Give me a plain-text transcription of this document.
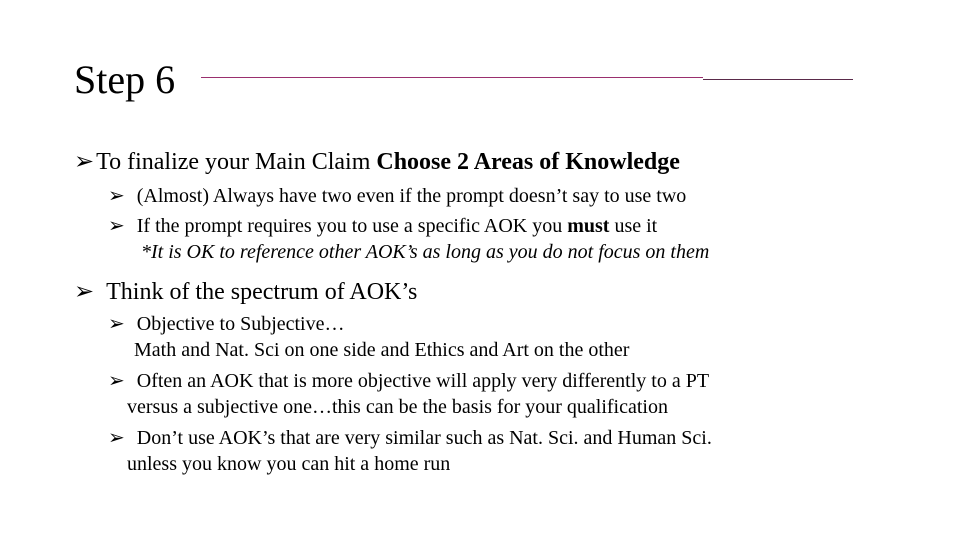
Step 6
➢To finalize your Main Claim Choose 2 Areas of Knowledge
➢ (Almost) Always have two even if the prompt doesn’t say to use two
➢ If the prompt requires you to use a specific AOK you must use it
*It is OK to reference other AOK’s as long as you do not focus on them
➢ Think of the spectrum of AOK’s
➢ Objective to Subjective…
Math and Nat. Sci on one side and Ethics and Art on the other
➢ Often an AOK that is more objective will apply very differently to a PT
versus a subjective one…this can be the basis for your qualification
➢ Don’t use AOK’s that are very similar such as Nat. Sci. and Human Sci.
unless you know you can hit a home run
